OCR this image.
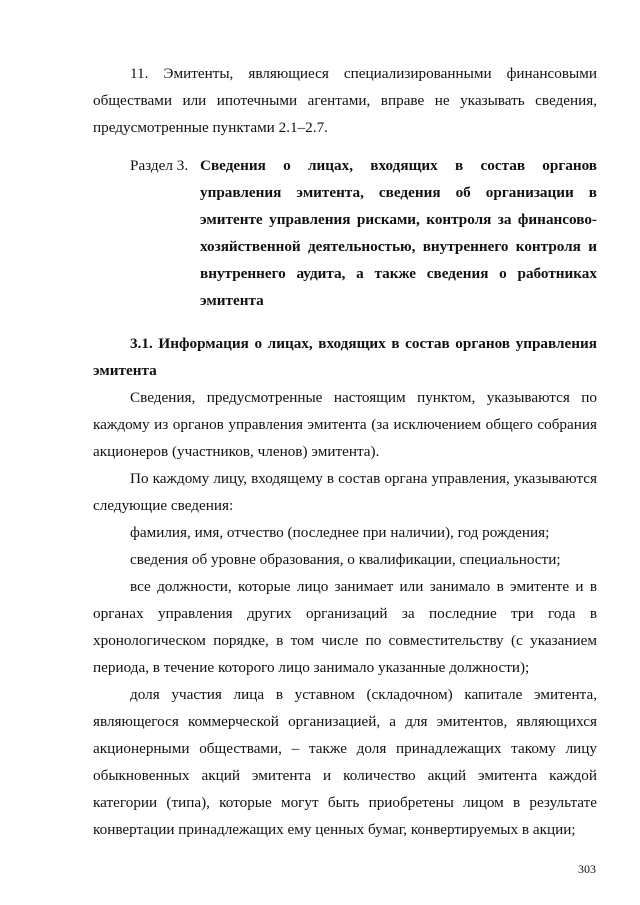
11. Эмитенты, являющиеся специализированными финансовыми обществами или ипотечными агентами, вправе не указывать сведения, предусмотренные пунктами 2.1–2.7.

Раздел 3. Сведения о лицах, входящих в состав органов управления эмитента, сведения об организации в эмитенте управления рисками, контроля за финансово-хозяйственной деятельностью, внутреннего контроля и внутреннего аудита, а также сведения о работниках эмитента
3.1. Информация о лицах, входящих в состав органов управления эмитента

Сведения, предусмотренные настоящим пунктом, указываются по каждому из органов управления эмитента (за исключением общего собрания акционеров (участников, членов) эмитента).

По каждому лицу, входящему в состав органа управления, указываются следующие сведения:

фамилия, имя, отчество (последнее при наличии), год рождения;

сведения об уровне образования, о квалификации, специальности;

все должности, которые лицо занимает или занимало в эмитенте и в органах управления других организаций за последние три года в хронологическом порядке, в том числе по совместительству (с указанием периода, в течение которого лицо занимало указанные должности);

доля участия лица в уставном (складочном) капитале эмитента, являющегося коммерческой организацией, а для эмитентов, являющихся акционерными обществами, – также доля принадлежащих такому лицу обыкновенных акций эмитента и количество акций эмитента каждой категории (типа), которые могут быть приобретены лицом в результате конвертации принадлежащих ему ценных бумаг, конвертируемых в акции;

303
